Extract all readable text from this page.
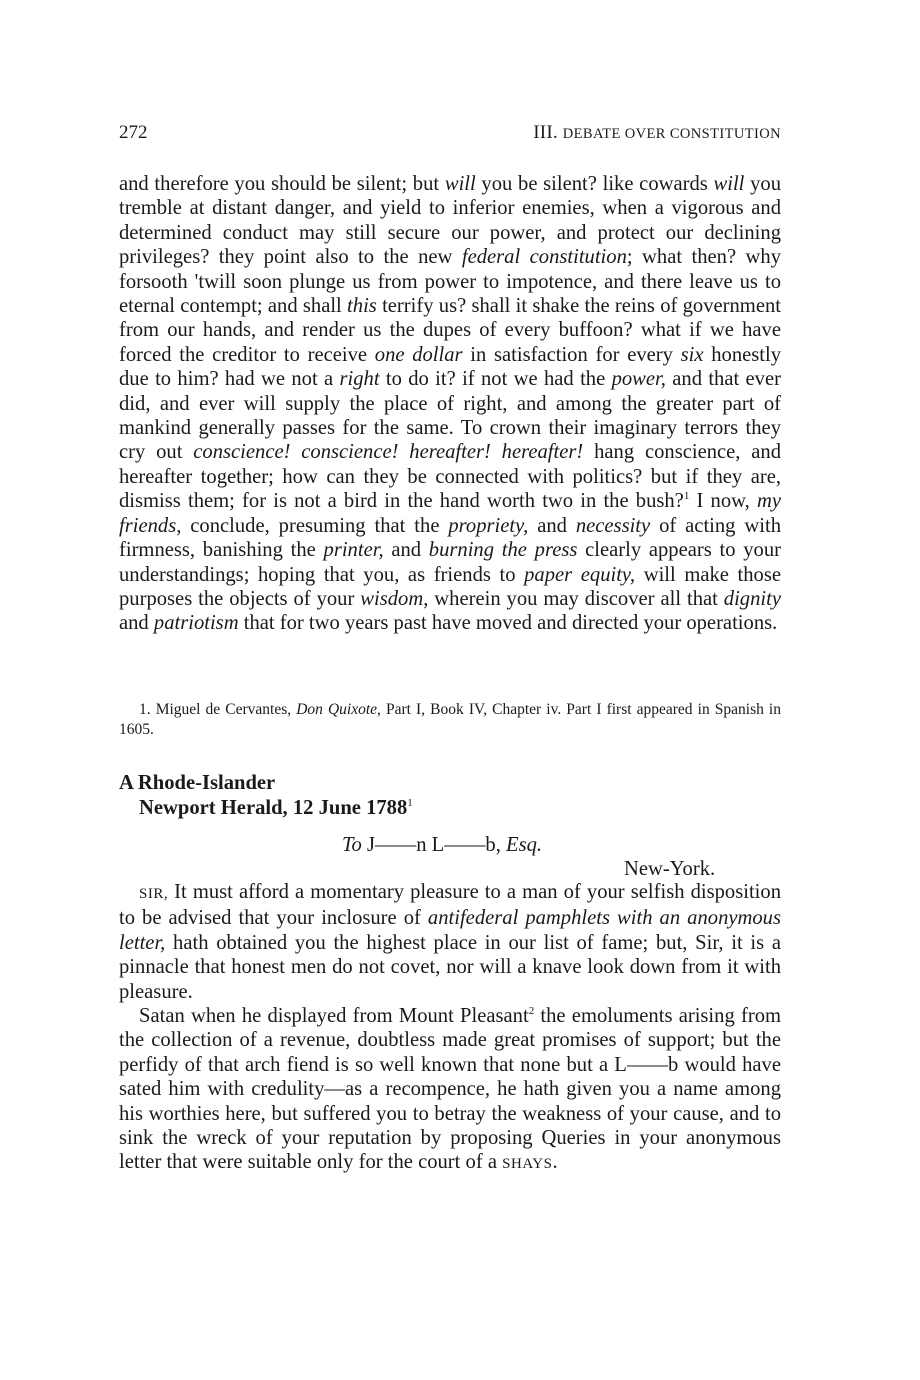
272	III. DEBATE OVER CONSTITUTION

and therefore you should be silent; but will you be silent? like cowards will you tremble at distant danger, and yield to inferior enemies, when a vigorous and determined conduct may still secure our power, and protect our declining privileges? they point also to the new federal constitution; what then? why forsooth 'twill soon plunge us from power to impotence, and there leave us to eternal contempt; and shall this terrify us? shall it shake the reins of government from our hands, and render us the dupes of every buffoon? what if we have forced the creditor to receive one dollar in satisfaction for every six honestly due to him? had we not a right to do it? if not we had the power, and that ever did, and ever will supply the place of right, and among the greater part of mankind generally passes for the same. To crown their imaginary terrors they cry out conscience! conscience! hereafter! hereafter! hang conscience, and hereafter together; how can they be connected with politics? but if they are, dismiss them; for is not a bird in the hand worth two in the bush?$^1$ I now, my friends, conclude, presuming that the propriety, and necessity of acting with firmness, banishing the printer, and burning the press clearly appears to your understandings; hoping that you, as friends to paper equity, will make those purposes the objects of your wisdom, wherein you may discover all that dignity and patriotism that for two years past have moved and directed your operations.

1. Miguel de Cervantes, Don Quixote, Part I, Book IV, Chapter iv. Part I first appeared in Spanish in 1605.

A Rhode-Islander
Newport Herald, 12 June 1788$^1$
To J——n L——b, Esq.
New-York.

SIR, It must afford a momentary pleasure to a man of your selfish disposition to be advised that your inclosure of antifederal pamphlets with an anonymous letter, hath obtained you the highest place in our list of fame; but, Sir, it is a pinnacle that honest men do not covet, nor will a knave look down from it with pleasure.

Satan when he displayed from Mount Pleasant$^2$ the emoluments arising from the collection of a revenue, doubtless made great promises of support; but the perfidy of that arch fiend is so well known that none but a L——b would have sated him with credulity—as a recompence, he hath given you a name among his worthies here, but suffered you to betray the weakness of your cause, and to sink the wreck of your reputation by proposing Queries in your anonymous letter that were suitable only for the court of a SHAYS.
